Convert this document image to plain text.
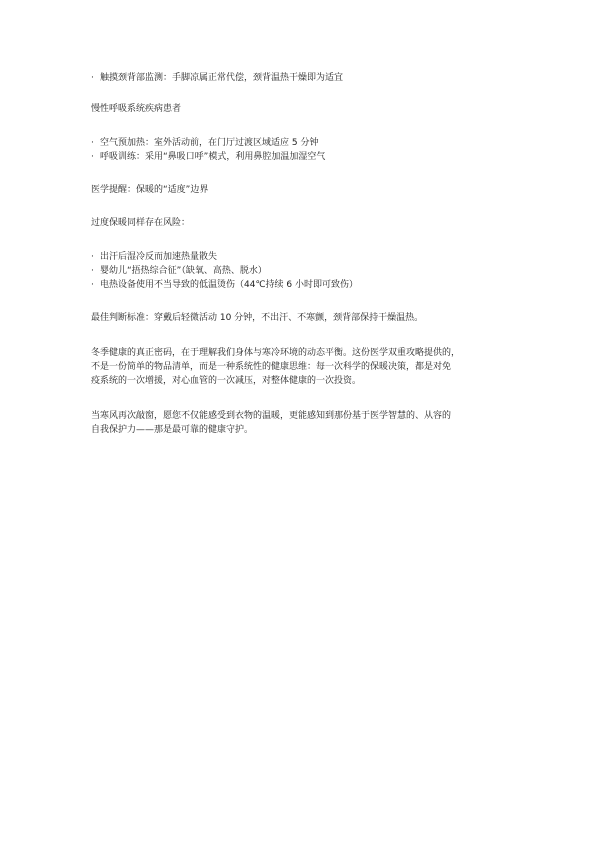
· 触摸颈背部监测：手脚凉属正常代偿，颈背温热干燥即为适宜

慢性呼吸系统疾病患者

· 空气预加热：室外活动前，在门厅过渡区域适应 5 分钟
· 呼吸训练：采用“鼻吸口呼”模式，利用鼻腔加温加湿空气

医学提醒：保暖的“适度”边界

过度保暖同样存在风险：

· 出汗后湿冷反而加速热量散失
· 婴幼儿“捂热综合征”（缺氧、高热、脱水）
· 电热设备使用不当导致的低温烫伤（44℃持续 6 小时即可致伤）

最佳判断标准：穿戴后轻微活动 10 分钟，不出汗、不寒颤，颈背部保持干燥温热。

冬季健康的真正密码，在于理解我们身体与寒冷环境的动态平衡。这份医学双重攻略提供的，
不是一份简单的物品清单，而是一种系统性的健康思维：每一次科学的保暖决策，都是对免
疫系统的一次增援，对心血管的一次减压，对整体健康的一次投资。
当寒风再次敲窗，愿您不仅能感受到衣物的温暖，更能感知到那份基于医学智慧的、从容的
自我保护力——那是最可靠的健康守护。
